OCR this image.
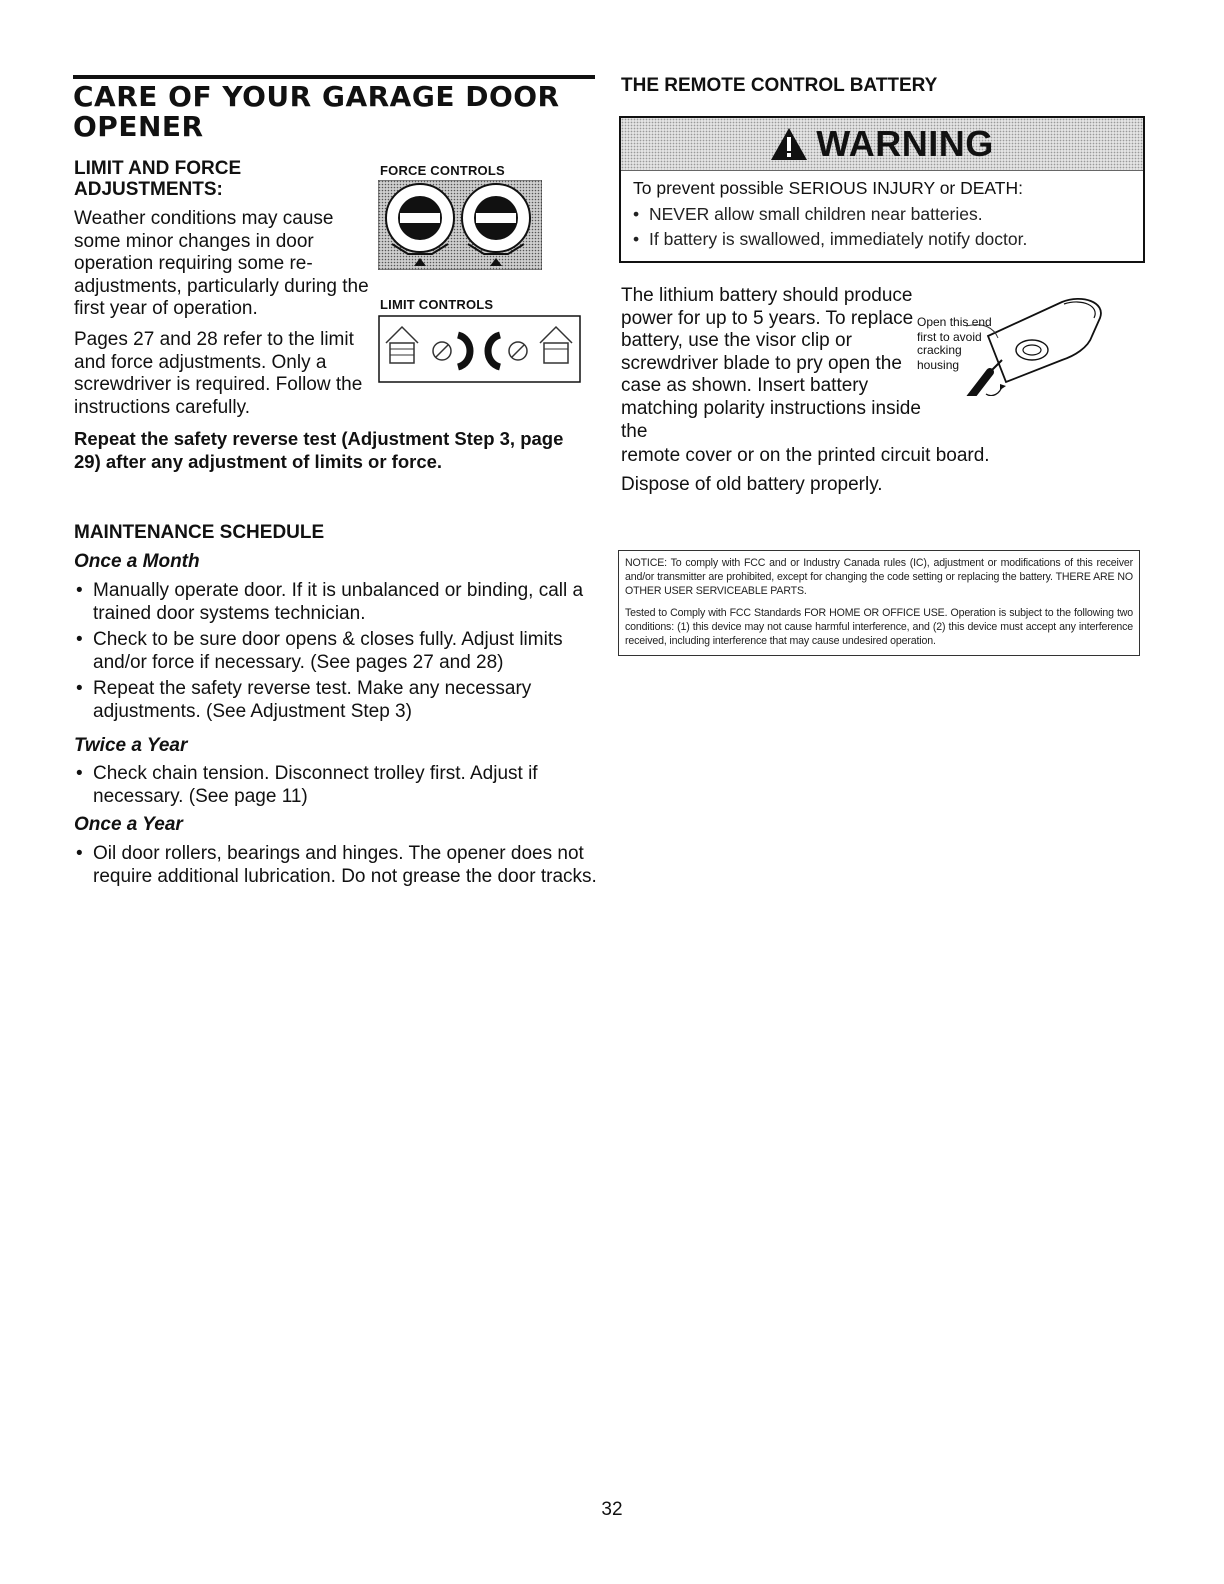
CARE OF YOUR GARAGE DOOR OPENER
LIMIT AND FORCE ADJUSTMENTS:

Weather conditions may cause some minor changes in door operation requiring some re-adjustments, particularly during the first year of operation.

Pages 27 and 28 refer to the limit and force adjustments. Only a screwdriver is required. Follow the instructions carefully.

Repeat the safety reverse test (Adjustment Step 3, page 29) after any adjustment of limits or force.

FORCE CONTROLS

LIMIT CONTROLS

MAINTENANCE SCHEDULE

Once a Month

• Manually operate door. If it is unbalanced or binding, call a trained door systems technician.
• Check to be sure door opens & closes fully. Adjust limits and/or force if necessary. (See pages 27 and 28)
• Repeat the safety reverse test. Make any necessary adjustments. (See Adjustment Step 3)

Twice a Year

• Check chain tension. Disconnect trolley first. Adjust if necessary. (See page 11)

Once a Year

• Oil door rollers, bearings and hinges. The opener does not require additional lubrication. Do not grease the door tracks.
THE REMOTE CONTROL BATTERY
WARNING

To prevent possible SERIOUS INJURY or DEATH:

• NEVER allow small children near batteries.
• If battery is swallowed, immediately notify doctor.

The lithium battery should produce power for up to 5 years. To replace battery, use the visor clip or screwdriver blade to pry open the case as shown. Insert battery matching polarity instructions inside the

remote cover or on the printed circuit board.

Dispose of old battery properly.

Open this end
first to avoid
cracking
housing

NOTICE: To comply with FCC and or Industry Canada rules (IC), adjustment or modifications of this receiver and/or transmitter are prohibited, except for changing the code setting or replacing the battery. THERE ARE NO OTHER USER SERVICEABLE PARTS.

Tested to Comply with FCC Standards FOR HOME OR OFFICE USE. Operation is subject to the following two conditions: (1) this device may not cause harmful interference, and (2) this device must accept any interference received, including interference that may cause undesired operation.

32
